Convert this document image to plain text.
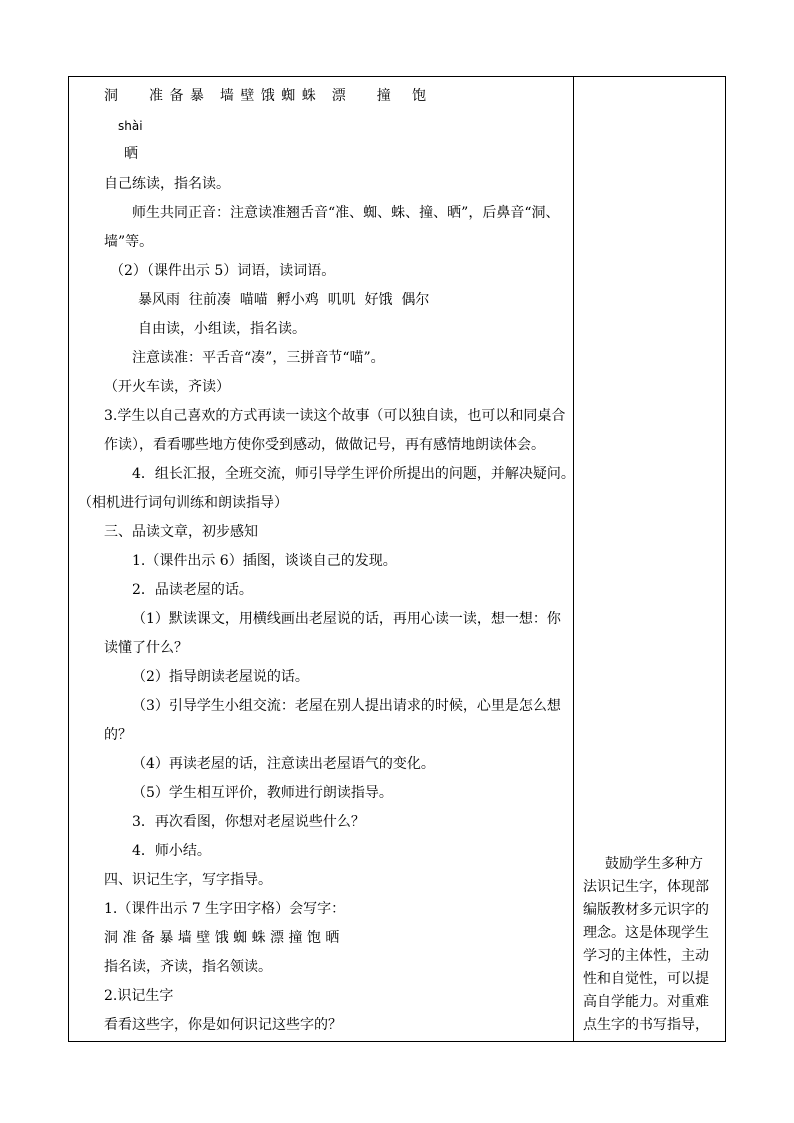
洞　　准 备 暴　墙 壁 饿 蜘 蛛　漂　　撞　 饱
shài
晒
自己练读，指名读。
师生共同正音：注意读准翘舌音“准、蜘、蛛、撞、晒”，后鼻音“洞、
墙”等。
（2）（课件出示 5）词语，读词语。
暴风雨  往前凑  喵喵  孵小鸡  叽叽  好饿  偶尔
自由读，小组读，指名读。
注意读准：平舌音“凑”，三拼音节“喵”。
（开火车读，齐读）
3.学生以自己喜欢的方式再读一读这个故事（可以独自读，也可以和同桌合
作读），看看哪些地方使你受到感动，做做记号，再有感情地朗读体会。
4．组长汇报，全班交流，师引导学生评价所提出的问题，并解决疑问。
（相机进行词句训练和朗读指导）
三、品读文章，初步感知
1.（课件出示 6）插图，谈谈自己的发现。
2．品读老屋的话。
（1）默读课文，用横线画出老屋说的话，再用心读一读，想一想：你
读懂了什么？
（2）指导朗读老屋说的话。
（3）引导学生小组交流：老屋在别人提出请求的时候，心里是怎么想
的？
（4）再读老屋的话，注意读出老屋语气的变化。
（5）学生相互评价，教师进行朗读指导。
3．再次看图，你想对老屋说些什么？
4．师小结。
四、识记生字，写字指导。
1.（课件出示 7 生字田字格）会写字：
洞 准 备 暴 墙 壁 饿 蜘 蛛 漂 撞 饱 晒
指名读，齐读，指名领读。
2.识记生字
看看这些字，你是如何识记这些字的？
鼓励学生多种方
法识记生字，体现部
编版教材多元识字的
理念。这是体现学生
学习的主体性，主动
性和自觉性，可以提
高自学能力。对重难
点生字的书写指导，
